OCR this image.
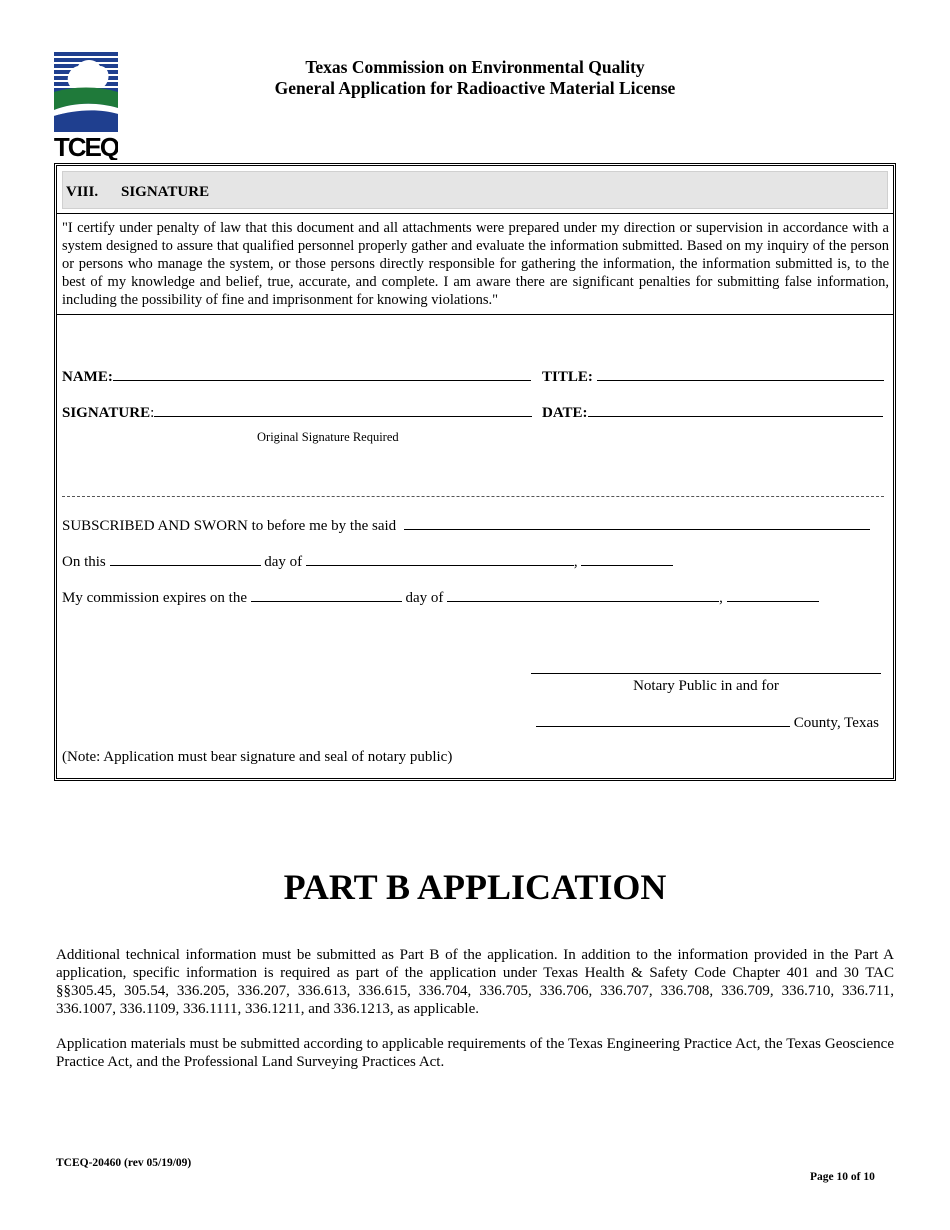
TCEQ
Texas Commission on Environmental Quality
General Application for Radioactive Material License
VIII. SIGNATURE
"I certify under penalty of law that this document and all attachments were prepared under my direction or supervision in accordance with a system designed to assure that qualified personnel properly gather and evaluate the information submitted. Based on my inquiry of the person or persons who manage the system, or those persons directly responsible for gathering the information, the information submitted is, to the best of my knowledge and belief, true, accurate, and complete. I am aware there are significant penalties for submitting false information, including the possibility of fine and imprisonment for knowing violations."
NAME:	TITLE:
SIGNATURE:	DATE:
Original Signature Required
SUBSCRIBED AND SWORN to before me by the said
On this	day of	,
My commission expires on the	day of	,
Notary Public in and for
County, Texas
(Note: Application must bear signature and seal of notary public)
PART B APPLICATION
Additional technical information must be submitted as Part B of the application. In addition to the information provided in the Part A application, specific information is required as part of the application under Texas Health & Safety Code Chapter 401 and 30 TAC §§305.45, 305.54, 336.205, 336.207, 336.613, 336.615, 336.704, 336.705, 336.706, 336.707, 336.708, 336.709, 336.710, 336.711, 336.1007, 336.1109, 336.1111, 336.1211, and 336.1213, as applicable.
Application materials must be submitted according to applicable requirements of the Texas Engineering Practice Act, the Texas Geoscience Practice Act, and the Professional Land Surveying Practices Act.
TCEQ-20460 (rev 05/19/09)
Page 10 of 10
